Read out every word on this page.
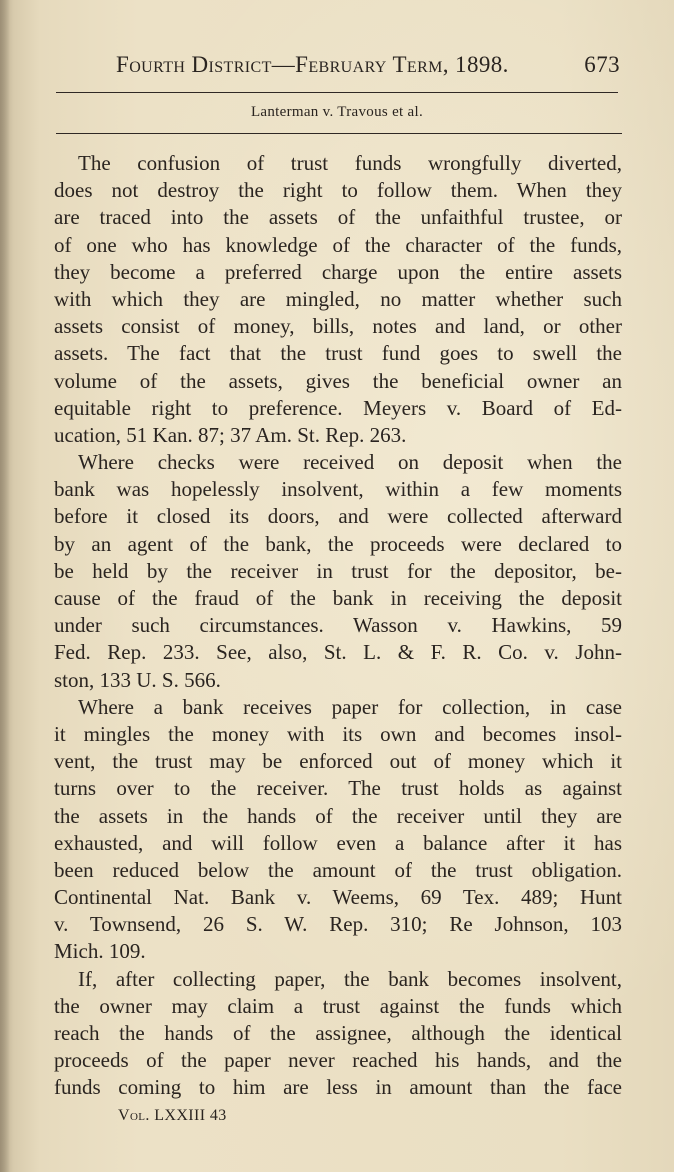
Fourth District—February Term, 1898.	673
Lanterman v. Travous et al.
The confusion of trust funds wrongfully diverted,
does not destroy the right to follow them. When they
are traced into the assets of the unfaithful trustee, or
of one who has knowledge of the character of the funds,
they become a preferred charge upon the entire assets
with which they are mingled, no matter whether such
assets consist of money, bills, notes and land, or other
assets. The fact that the trust fund goes to swell the
volume of the assets, gives the beneficial owner an
equitable right to preference. Meyers v. Board of Ed-
ucation, 51 Kan. 87; 37 Am. St. Rep. 263.
Where checks were received on deposit when the
bank was hopelessly insolvent, within a few moments
before it closed its doors, and were collected afterward
by an agent of the bank, the proceeds were declared to
be held by the receiver in trust for the depositor, be-
cause of the fraud of the bank in receiving the deposit
under such circumstances. Wasson v. Hawkins, 59
Fed. Rep. 233. See, also, St. L. & F. R. Co. v. John-
ston, 133 U. S. 566.
Where a bank receives paper for collection, in case
it mingles the money with its own and becomes insol-
vent, the trust may be enforced out of money which it
turns over to the receiver. The trust holds as against
the assets in the hands of the receiver until they are
exhausted, and will follow even a balance after it has
been reduced below the amount of the trust obligation.
Continental Nat. Bank v. Weems, 69 Tex. 489; Hunt
v. Townsend, 26 S. W. Rep. 310; Re Johnson, 103
Mich. 109.
If, after collecting paper, the bank becomes insolvent,
the owner may claim a trust against the funds which
reach the hands of the assignee, although the identical
proceeds of the paper never reached his hands, and the
funds coming to him are less in amount than the face
Vol. LXXIII 43
